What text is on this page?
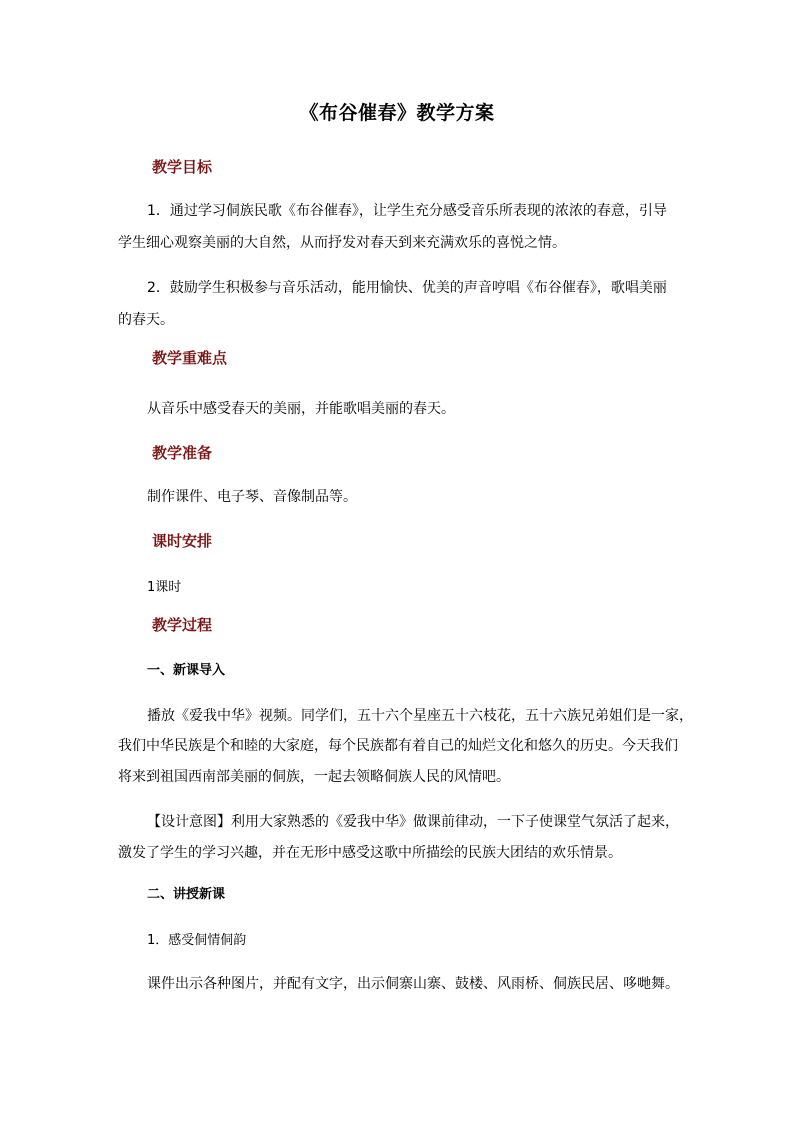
《布谷催春》教学方案
教学目标
1．通过学习侗族民歌《布谷催春》，让学生充分感受音乐所表现的浓浓的春意，引导
学生细心观察美丽的大自然，从而抒发对春天到来充满欢乐的喜悦之情。
2．鼓励学生积极参与音乐活动，能用愉快、优美的声音哼唱《布谷催春》，歌唱美丽
的春天。
教学重难点
从音乐中感受春天的美丽，并能歌唱美丽的春天。
教学准备
制作课件、电子琴、音像制品等。
课时安排
1课时
教学过程
一、新课导入
播放《爱我中华》视频。同学们，五十六个星座五十六枝花，五十六族兄弟姐们是一家，
我们中华民族是个和睦的大家庭，每个民族都有着自己的灿烂文化和悠久的历史。今天我们
将来到祖国西南部美丽的侗族，一起去领略侗族人民的风情吧。
【设计意图】利用大家熟悉的《爱我中华》做课前律动，一下子使课堂气氛活了起来，
激发了学生的学习兴趣，并在无形中感受这歌中所描绘的民族大团结的欢乐情景。
二、讲授新课
1．感受侗情侗韵
课件出示各种图片，并配有文字，出示侗寨山寨、鼓楼、风雨桥、侗族民居、哆哋舞。
